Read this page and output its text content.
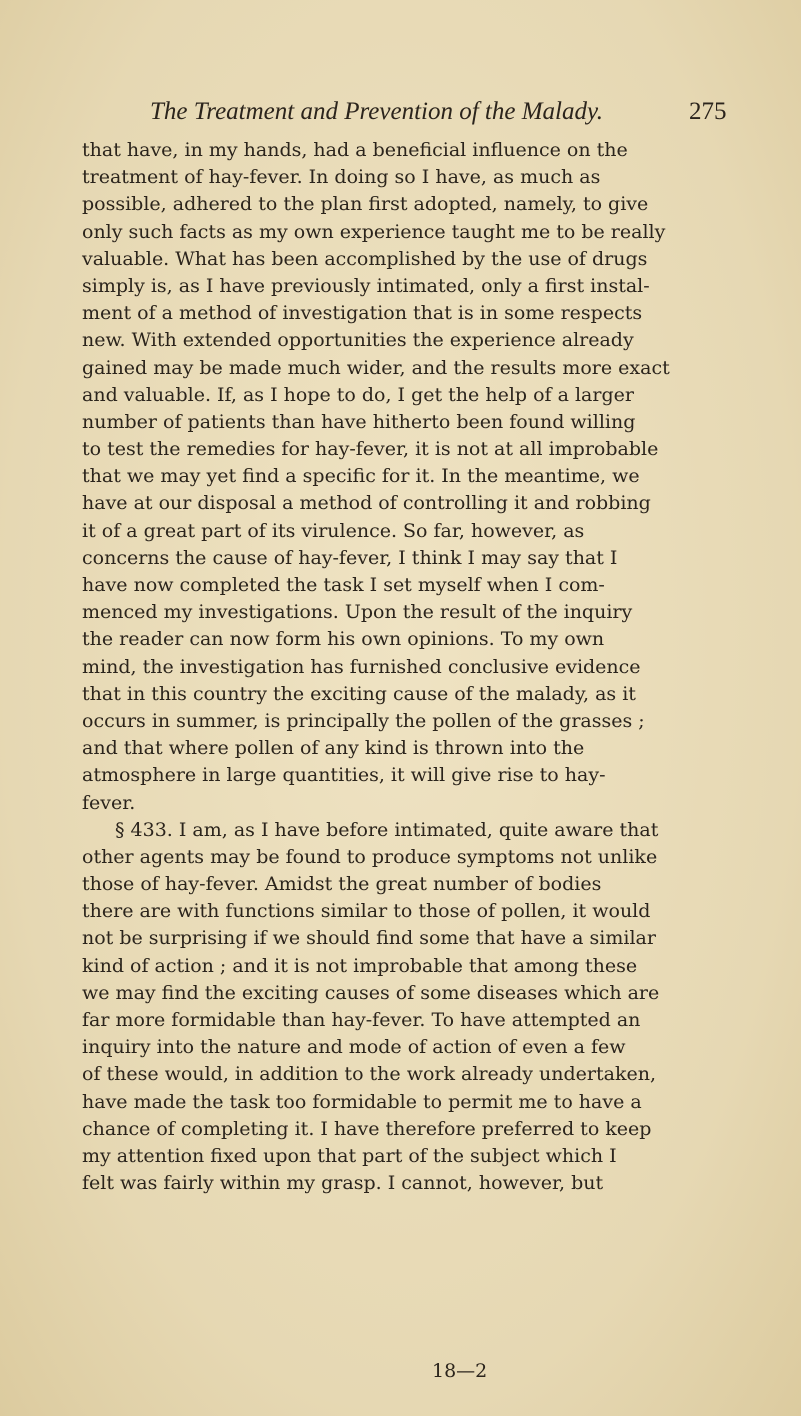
The Treatment and Prevention of the Malady.	275
that have, in my hands, had a beneficial influence on the
treatment of hay-fever. In doing so I have, as much as
possible, adhered to the plan first adopted, namely, to give
only such facts as my own experience taught me to be really
valuable. What has been accomplished by the use of drugs
simply is, as I have previously intimated, only a first instal-
ment of a method of investigation that is in some respects
new. With extended opportunities the experience already
gained may be made much wider, and the results more exact
and valuable. If, as I hope to do, I get the help of a larger
number of patients than have hitherto been found willing
to test the remedies for hay-fever, it is not at all improbable
that we may yet find a specific for it. In the meantime, we
have at our disposal a method of controlling it and robbing
it of a great part of its virulence. So far, however, as
concerns the cause of hay-fever, I think I may say that I
have now completed the task I set myself when I com-
menced my investigations. Upon the result of the inquiry
the reader can now form his own opinions. To my own
mind, the investigation has furnished conclusive evidence
that in this country the exciting cause of the malady, as it
occurs in summer, is principally the pollen of the grasses ;
and that where pollen of any kind is thrown into the
atmosphere in large quantities, it will give rise to hay-
fever.
§ 433. I am, as I have before intimated, quite aware that
other agents may be found to produce symptoms not unlike
those of hay-fever. Amidst the great number of bodies
there are with functions similar to those of pollen, it would
not be surprising if we should find some that have a similar
kind of action ; and it is not improbable that among these
we may find the exciting causes of some diseases which are
far more formidable than hay-fever. To have attempted an
inquiry into the nature and mode of action of even a few
of these would, in addition to the work already undertaken,
have made the task too formidable to permit me to have a
chance of completing it. I have therefore preferred to keep
my attention fixed upon that part of the subject which I
felt was fairly within my grasp. I cannot, however, but
18—2
